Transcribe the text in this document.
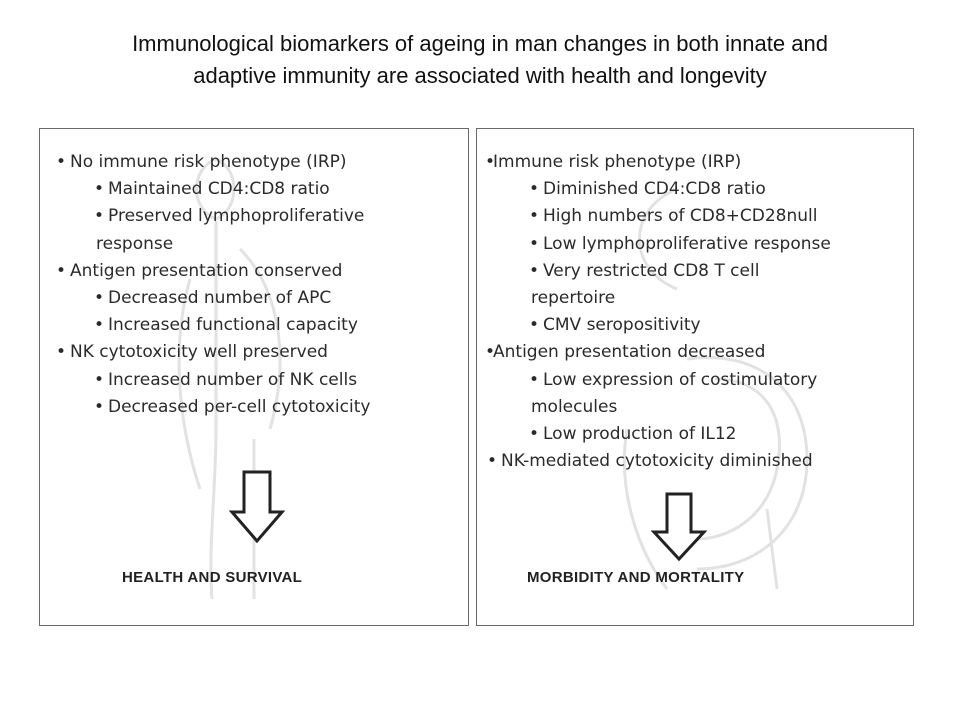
Immunological biomarkers of ageing in man changes in both innate and
adaptive immunity are associated with health and longevity
• No immune risk phenotype (IRP)
• Maintained CD4:CD8 ratio
• Preserved lymphoproliferative
response
• Antigen presentation conserved
• Decreased number of APC
• Increased functional capacity
• NK cytotoxicity well preserved
• Increased number of NK cells
• Decreased per-cell cytotoxicity
HEALTH AND SURVIVAL
•
Immune risk phenotype (IRP)
• Diminished CD4:CD8 ratio
• High numbers of CD8+CD28null
• Low lymphoproliferative response
• Very restricted CD8 T cell
repertoire
• CMV seropositivity
•
Antigen presentation decreased
• Low expression of costimulatory
molecules
• Low production of IL12
• NK-mediated cytotoxicity diminished
MORBIDITY AND MORTALITY
